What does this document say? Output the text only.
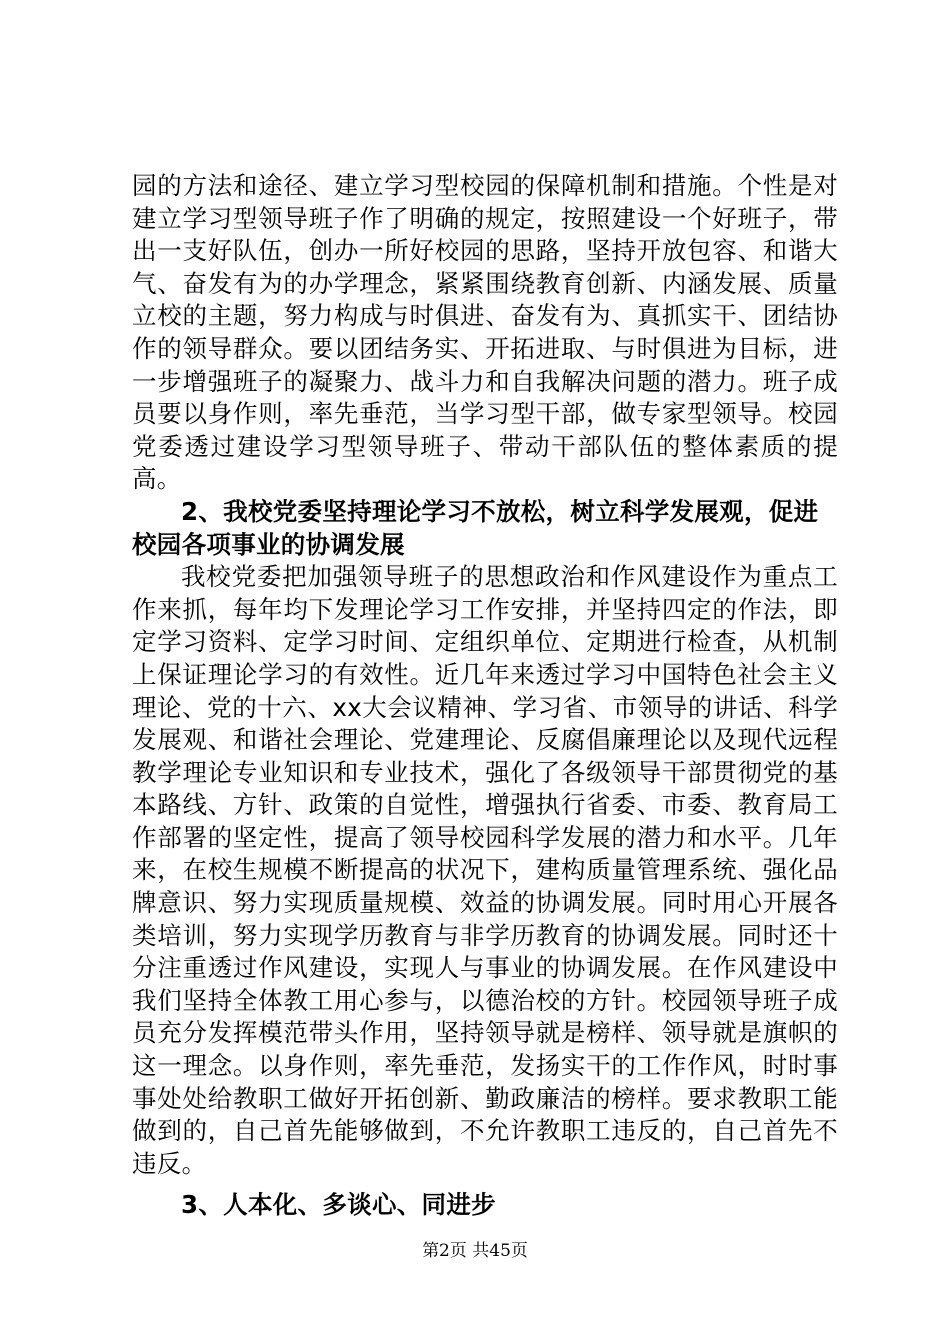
园的方法和途径、建立学习型校园的保障机制和措施。个性是对建立学习型领导班子作了明确的规定，按照建设一个好班子，带出一支好队伍，创办一所好校园的思路，坚持开放包容、和谐大气、奋发有为的办学理念，紧紧围绕教育创新、内涵发展、质量立校的主题，努力构成与时俱进、奋发有为、真抓实干、团结协作的领导群众。要以团结务实、开拓进取、与时俱进为目标，进一步增强班子的凝聚力、战斗力和自我解决问题的潜力。班子成员要以身作则，率先垂范，当学习型干部，做专家型领导。校园党委透过建设学习型领导班子、带动干部队伍的整体素质的提高。

2、我校党委坚持理论学习不放松，树立科学发展观，促进校园各项事业的协调发展

我校党委把加强领导班子的思想政治和作风建设作为重点工作来抓，每年均下发理论学习工作安排，并坚持四定的作法，即定学习资料、定学习时间、定组织单位、定期进行检查，从机制上保证理论学习的有效性。近几年来透过学习中国特色社会主义理论、党的十六、xx大会议精神、学习省、市领导的讲话、科学发展观、和谐社会理论、党建理论、反腐倡廉理论以及现代远程教学理论专业知识和专业技术，强化了各级领导干部贯彻党的基本路线、方针、政策的自觉性，增强执行省委、市委、教育局工作部署的坚定性，提高了领导校园科学发展的潜力和水平。几年来，在校生规模不断提高的状况下，建构质量管理系统、强化品牌意识、努力实现质量规模、效益的协调发展。同时用心开展各类培训，努力实现学历教育与非学历教育的协调发展。同时还十分注重透过作风建设，实现人与事业的协调发展。在作风建设中我们坚持全体教工用心参与，以德治校的方针。校园领导班子成员充分发挥模范带头作用，坚持领导就是榜样、领导就是旗帜的这一理念。以身作则，率先垂范，发扬实干的工作作风，时时事事处处给教职工做好开拓创新、勤政廉洁的榜样。要求教职工能做到的，自己首先能够做到，不允许教职工违反的，自己首先不违反。

3、人本化、多谈心、同进步

第2页 共45页
